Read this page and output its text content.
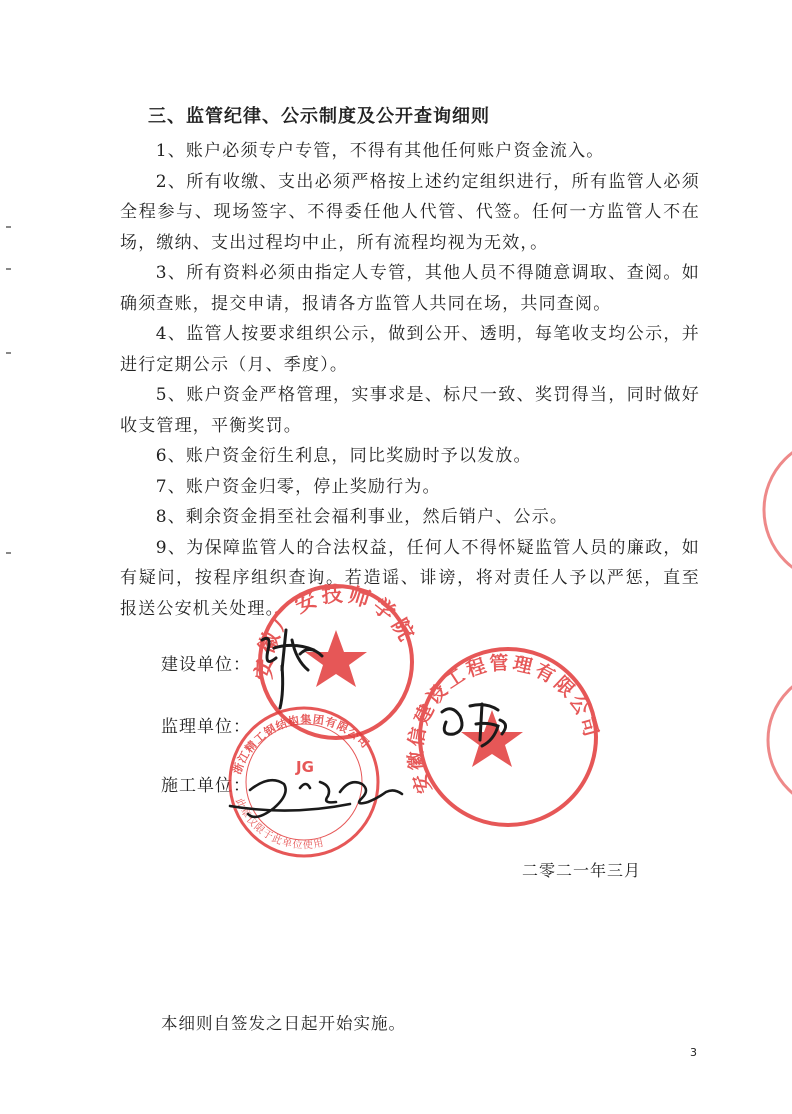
三、监管纪律、公示制度及公开查询细则

1、账户必须专户专管，不得有其他任何账户资金流入。

2、所有收缴、支出必须严格按上述约定组织进行，所有监管人必须全程参与、现场签字、不得委任他人代管、代签。任何一方监管人不在场，缴纳、支出过程均中止，所有流程均视为无效，。

3、所有资料必须由指定人专管，其他人员不得随意调取、查阅。如确须查账，提交申请，报请各方监管人共同在场，共同查阅。

4、监管人按要求组织公示，做到公开、透明，每笔收支均公示，并进行定期公示（月、季度）。

5、账户资金严格管理，实事求是、标尺一致、奖罚得当，同时做好收支管理，平衡奖罚。

6、账户资金衍生利息，同比奖励时予以发放。

7、账户资金归零，停止奖励行为。

8、剩余资金捐至社会福利事业，然后销户、公示。

9、为保障监管人的合法权益，任何人不得怀疑监管人员的廉政，如有疑问，按程序组织查询。若造谣、诽谤，将对责任人予以严惩，直至报送公安机关处理。

建设单位：
监理单位：
施工单位：
二零二一年三月
本细则自签发之日起开始实施。
3
安徽广安技师学院
安徽信建设工程管理有限公司
浙江精工钢结构集团有限公司
此章仅限于此单位使用
JG
